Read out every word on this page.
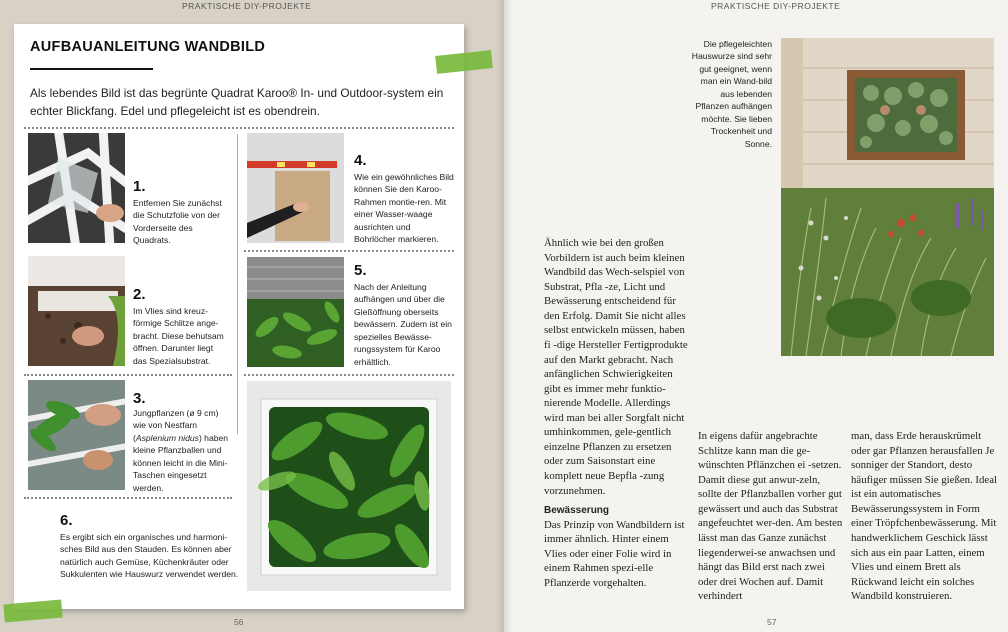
PRAKTISCHE DIY-PROJEKTE
AUFBAUANLEITUNG WANDBILD
Als lebendes Bild ist das begrünte Quadrat Karoo® In- und Outdoor-system ein echter Blickfang. Edel und pflegeleicht ist es obendrein.
1.
Entfernen Sie zunächst die Schutzfolie von der Vorderseite des Quadrats.
2.
Im Vlies sind kreuz-förmige Schlitze ange-bracht. Diese behutsam öffnen. Darunter liegt das Spezialsubstrat.
3.
Jungpflanzen (ø 9 cm) wie von Nestfarn (Asplenium nidus) haben kleine Pflanzballen und können leicht in die Mini-Taschen eingesetzt werden.
4.
Wie ein gewöhnliches Bild können Sie den Karoo-Rahmen montie-ren. Mit einer Wasser-waage ausrichten und Bohrlöcher markieren.
5.
Nach der Anleitung aufhängen und über die Gießöffnung oberseits bewässern. Zudem ist ein spezielles Bewässe-rungssystem für Karoo erhältlich.
6.
Es ergibt sich ein organisches und harmoni-sches Bild aus den Stauden. Es können aber natürlich auch Gemüse, Küchenkräuter oder Sukkulenten wie Hauswurz verwendet werden.
56
PRAKTISCHE DIY-PROJEKTE
57
Die pflegeleichten Hauswurze sind sehr gut geeignet, wenn man ein Wand-bild aus lebenden Pflanzen aufhängen möchte. Sie lieben Trockenheit und Sonne.
Ähnlich wie bei den großen Vorbildern ist auch beim kleinen Wandbild das Wech-selspiel von Substrat, Pfla -ze, Licht und Bewässerung entscheidend für den Erfolg. Damit Sie nicht alles selbst entwickeln müssen, haben fi -dige Hersteller Fertigprodukte auf den Markt gebracht. Nach anfänglichen Schwierigkeiten gibt es immer mehr funktio-nierende Modelle. Allerdings wird man bei aller Sorgfalt nicht umhinkommen, gele-gentlich einzelne Pflanzen zu ersetzen oder zum Saisonstart eine komplett neue Bepfla -zung vorzunehmen.
Bewässerung
Das Prinzip von Wandbildern ist immer ähnlich. Hinter einem Vlies oder einer Folie wird in einem Rahmen spezi-elle Pflanzerde vorgehalten.
In eigens dafür angebrachte Schlitze kann man die ge-wünschten Pflänzchen ei -setzen. Damit diese gut anwur-zeln, sollte der Pflanzballen vorher gut gewässert und auch das Substrat angefeuchtet wer-den. Am besten lässt man das Ganze zunächst liegenderwei-se anwachsen und hängt das Bild erst nach zwei oder drei Wochen auf. Damit verhindert
man, dass Erde herauskrümelt oder gar Pflanzen herausfallen Je sonniger der Standort, desto häufiger müssen Sie gießen. Ideal ist ein automatisches Bewässerungssystem in Form einer Tröpfchenbewässerung. Mit handwerklichem Geschick lässt sich aus ein paar Latten, einem Vlies und einem Brett als Rückwand leicht ein solches Wandbild konstruieren.
